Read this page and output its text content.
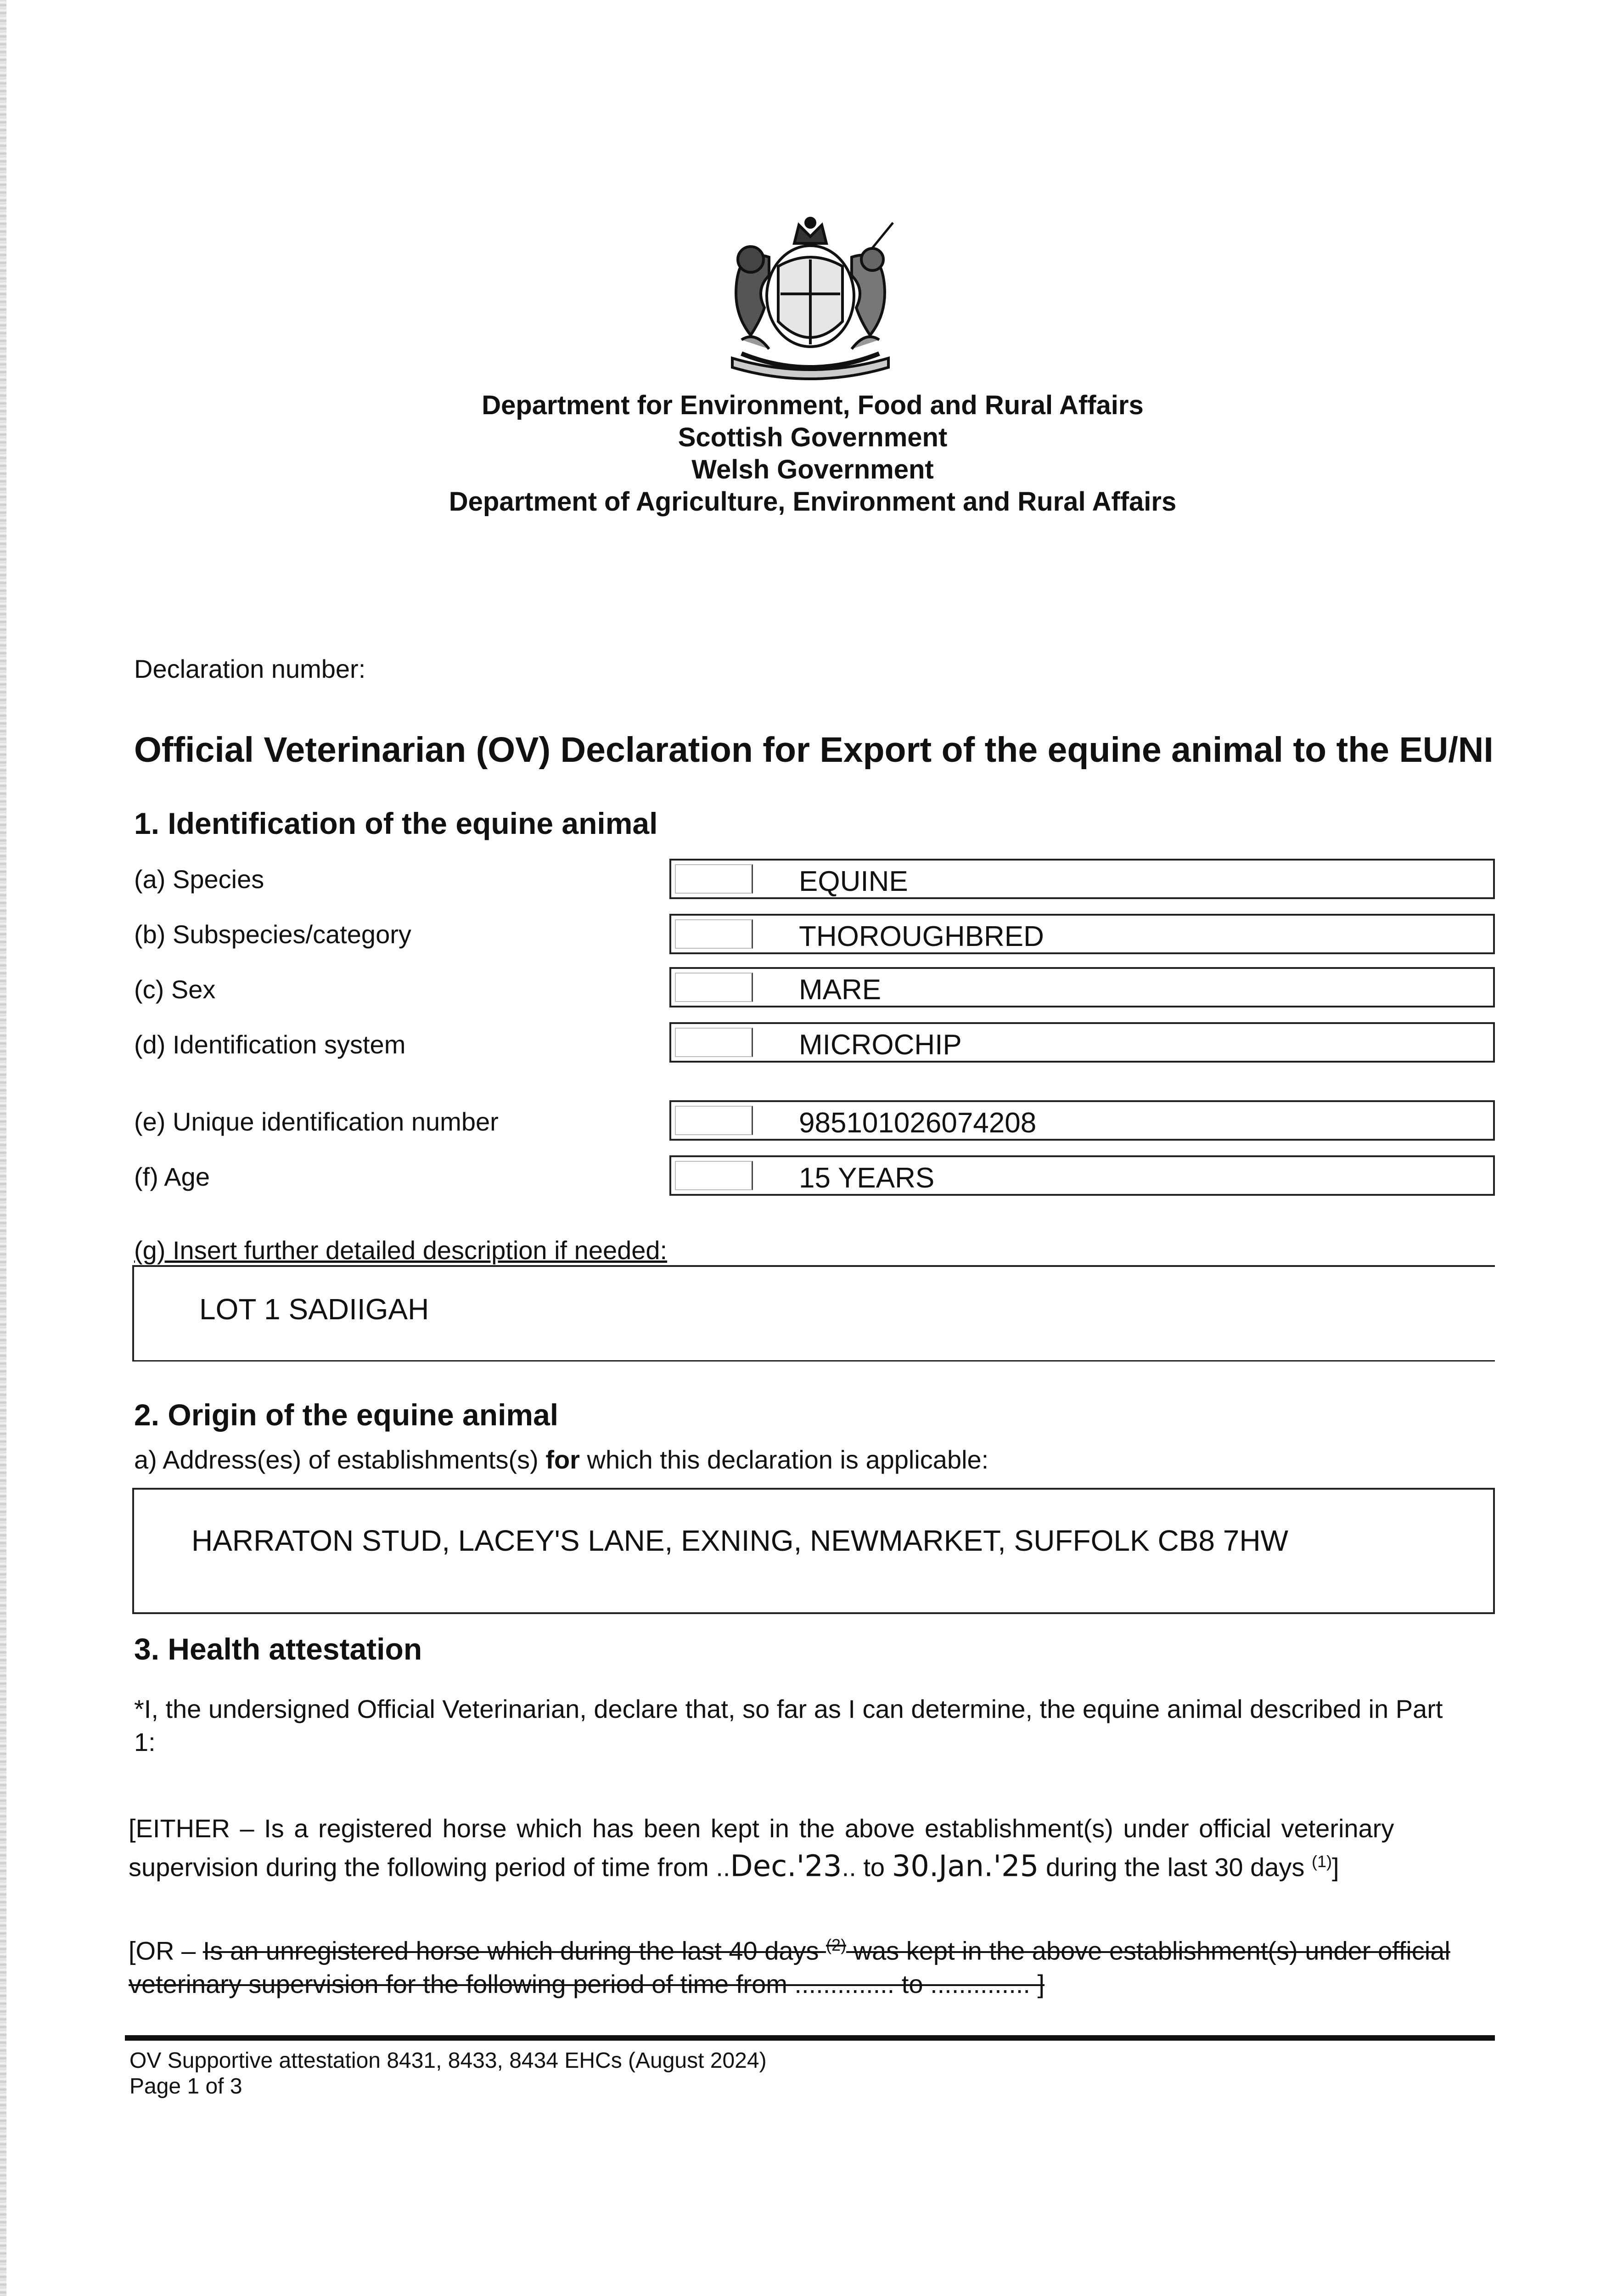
Department for Environment, Food and Rural Affairs
Scottish Government
Welsh Government
Department of Agriculture, Environment and Rural Affairs
Declaration number:
Official Veterinarian (OV) Declaration for Export of the equine animal to the EU/NI
1. Identification of the equine animal
(a) Species	EQUINE
(b) Subspecies/category	THOROUGHBRED
(c) Sex	MARE
(d) Identification system	MICROCHIP
(e) Unique identification number	985101026074208
(f) Age	15 YEARS
(g) Insert further detailed description if needed:
LOT 1 SADIIGAH
2. Origin of the equine animal
a) Address(es) of establishments(s) for which this declaration is applicable:
HARRATON STUD, LACEY'S LANE, EXNING, NEWMARKET, SUFFOLK CB8 7HW
3. Health attestation
*I, the undersigned Official Veterinarian, declare that, so far as I can determine, the equine animal described in Part
1:
[EITHER – Is a registered horse which has been kept in the above establishment(s) under official veterinary
supervision during the following period of time from ..Dec.'23.. to 30.Jan.'25 during the last 30 days $^{(1)}$]
[OR – Is an unregistered horse which during the last 40 days $^{(2)}$ was kept in the above establishment(s) under official
veterinary supervision for the following period of time from .............. to .............. ]
OV Supportive attestation 8431, 8433, 8434 EHCs (August 2024)
Page 1 of 3
